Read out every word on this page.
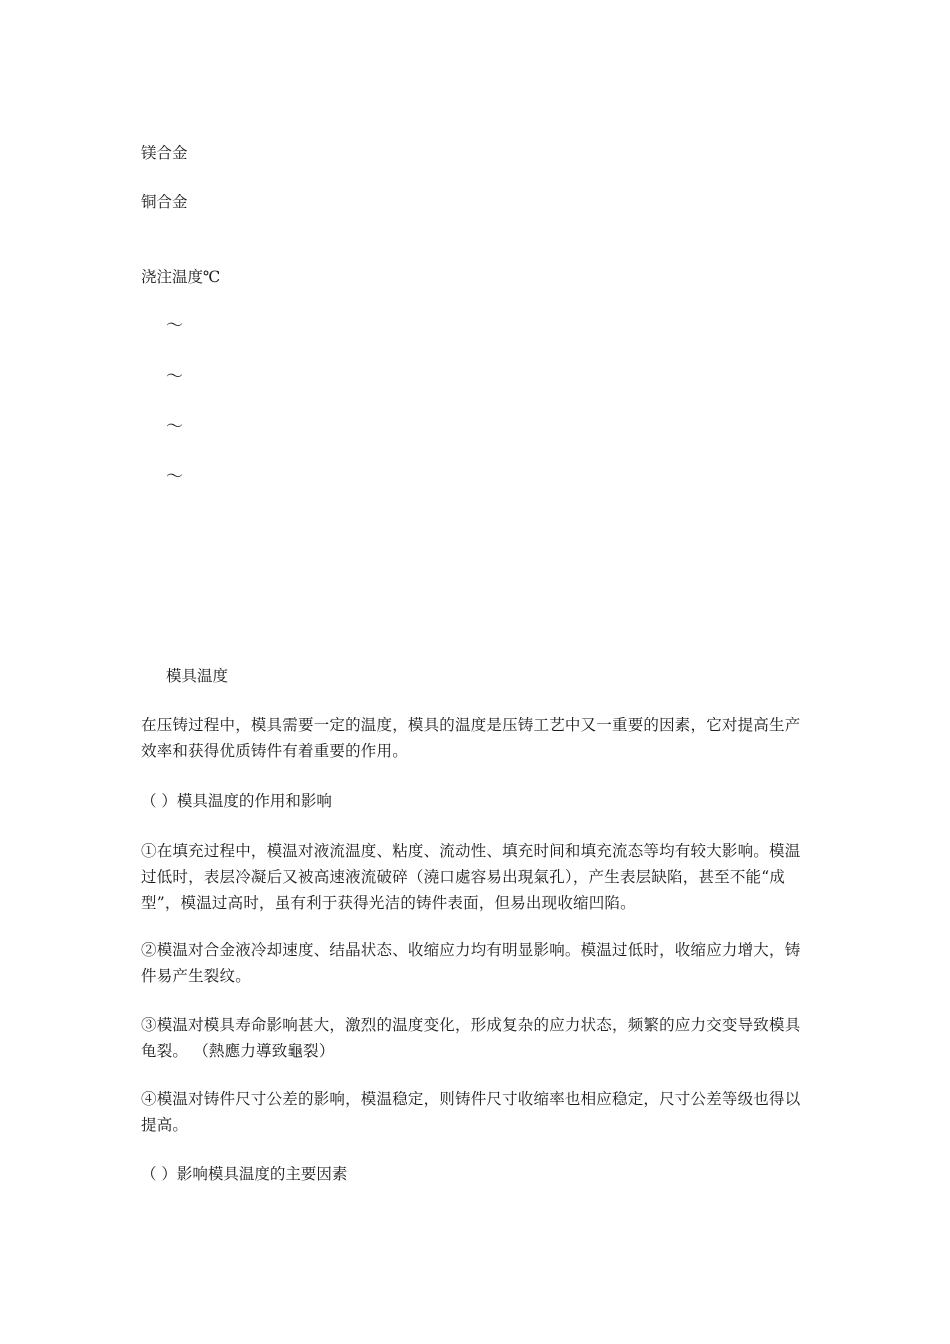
镁合金
铜合金
浇注温度℃
～
～
～
～
模具温度
在压铸过程中，模具需要一定的温度，模具的温度是压铸工艺中又一重要的因素，它对提高生产效率和获得优质铸件有着重要的作用。
（ ）模具温度的作用和影响
①在填充过程中，模温对液流温度、粘度、流动性、填充时间和填充流态等均有较大影响。模温过低时，表层冷凝后又被高速液流破碎（澆口處容易出現氣孔），产生表层缺陷，甚至不能“成型”，模温过高时，虽有利于获得光洁的铸件表面，但易出现收缩凹陷。
②模温对合金液冷却速度、结晶状态、收缩应力均有明显影响。模温过低时，收缩应力增大，铸件易产生裂纹。
③模温对模具寿命影响甚大，激烈的温度变化，形成复杂的应力状态，频繁的应力交变导致模具龟裂。 （熱應力導致龜裂）
④模温对铸件尺寸公差的影响，模温稳定，则铸件尺寸收缩率也相应稳定，尺寸公差等级也得以提高。
（ ）影响模具温度的主要因素
